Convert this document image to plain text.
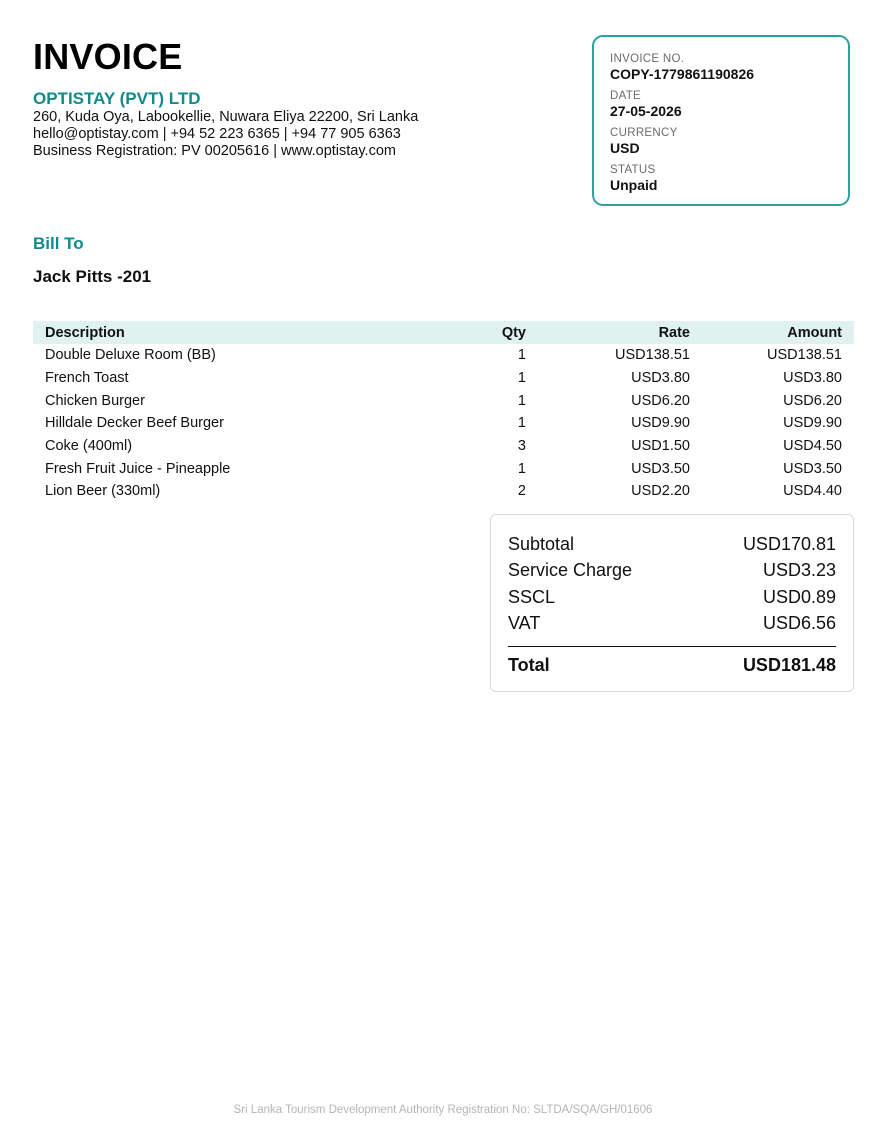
INVOICE
OPTISTAY (PVT) LTD
260, Kuda Oya, Labookellie, Nuwara Eliya 22200, Sri Lanka
hello@optistay.com | +94 52 223 6365 | +94 77 905 6363
Business Registration: PV 00205616 | www.optistay.com
INVOICE NO.
COPY-1779861190826
DATE
27-05-2026
CURRENCY
USD
STATUS
Unpaid
Bill To
Jack Pitts -201
Description	Qty	Rate	Amount
Double Deluxe Room (BB)	1	USD138.51	USD138.51
French Toast	1	USD3.80	USD3.80
Chicken Burger	1	USD6.20	USD6.20
Hilldale Decker Beef Burger	1	USD9.90	USD9.90
Coke (400ml)	3	USD1.50	USD4.50
Fresh Fruit Juice - Pineapple	1	USD3.50	USD3.50
Lion Beer (330ml)	2	USD2.20	USD4.40
Subtotal	USD170.81
Service Charge	USD3.23
SSCL	USD0.89
VAT	USD6.56
Total	USD181.48
Sri Lanka Tourism Development Authority Registration No: SLTDA/SQA/GH/01606
